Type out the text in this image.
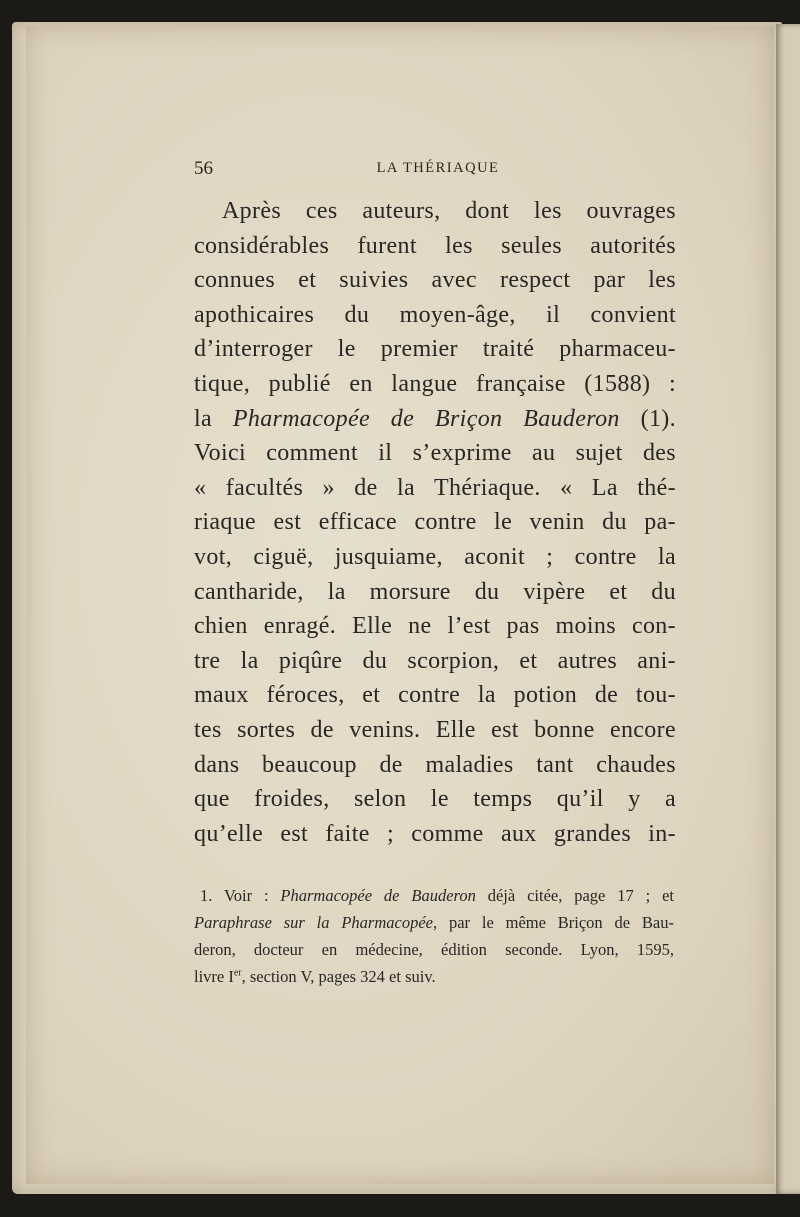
56	LA THÉRIAQUE
Après ces auteurs, dont les ouvrages
considérables furent les seules autorités
connues et suivies avec respect par les
apothicaires du moyen-âge, il convient
d’interroger le premier traité pharmaceu-
tique, publié en langue française (1588) :
la Pharmacopée de Briçon Bauderon (1).
Voici comment il s’exprime au sujet des
« facultés » de la Thériaque. « La thé-
riaque est efficace contre le venin du pa-
vot, ciguë, jusquiame, aconit ; contre la
cantharide, la morsure du vipère et du
chien enragé. Elle ne l’est pas moins con-
tre la piqûre du scorpion, et autres ani-
maux féroces, et contre la potion de tou-
tes sortes de venins. Elle est bonne encore
dans beaucoup de maladies tant chaudes
que froides, selon le temps qu’il y a
qu’elle est faite ; comme aux grandes in-
1. Voir : Pharmacopée de Bauderon déjà citée, page 17 ; et
Paraphrase sur la Pharmacopée, par le même Briçon de Bau-
deron, docteur en médecine, édition seconde. Lyon, 1595,
livre Ier, section V, pages 324 et suiv.
